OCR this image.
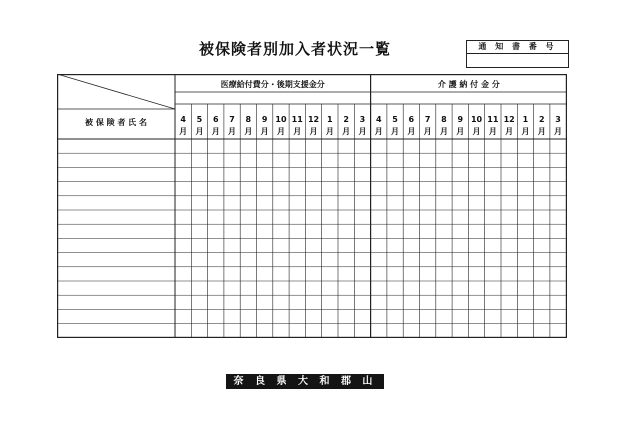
被保険者別加入者状況一覧	通 知 書 番 号
被 保 険 者 氏 名
医療給付費分・後期支援金分	介 護 納 付 金 分
4
月
5
月
6
月
7
月
8
月
9
月
10
月
11
月
12
月
1
月
2
月
3
月
4
月
5
月
6
月
7
月
8
月
9
月
10
月
11
月
12
月
1
月
2
月
3
月
奈 良 県 大 和 郡 山 市
